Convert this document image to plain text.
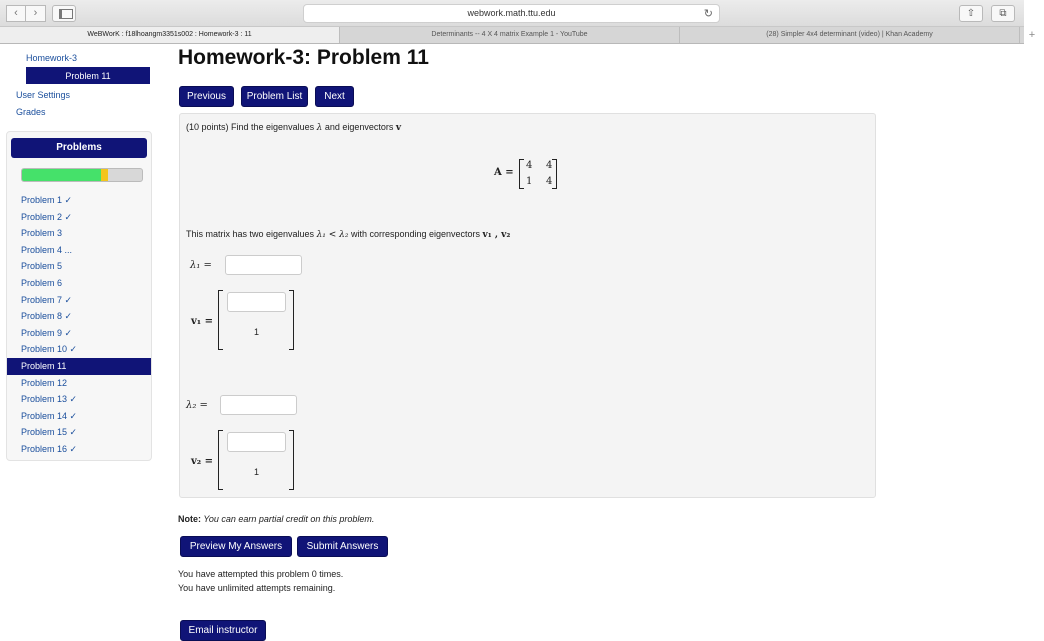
‹	›	webwork.math.ttu.edu	↻	⇧	⧉
WeBWorK : f18lhoangm3351s002 : Homework-3 : 11	Determinants -- 4 X 4 matrix Example 1 - YouTube	(28) Simpler 4x4 determinant (video) | Khan Academy	+
Homework-3
Problem 11
User Settings
Grades
Problems
Problem 1 ✓
Problem 2 ✓
Problem 3
Problem 4 ...
Problem 5
Problem 6
Problem 7 ✓
Problem 8 ✓
Problem 9 ✓
Problem 10 ✓
Problem 11
Problem 12
Problem 13 ✓
Problem 14 ✓
Problem 15 ✓
Problem 16 ✓
Homework-3: Problem 11
Previous	Problem List	Next
(10 points) Find the eigenvalues λ and eigenvectors v
A =
4 4
1 4
This matrix has two eigenvalues λ₁ < λ₂ with corresponding eigenvectors v₁ , v₂
λ₁ =
v₁ =
1
λ₂ =
v₂ =
1
Note: You can earn partial credit on this problem.
Preview My Answers	Submit Answers
You have attempted this problem 0 times.
You have unlimited attempts remaining.
Email instructor
